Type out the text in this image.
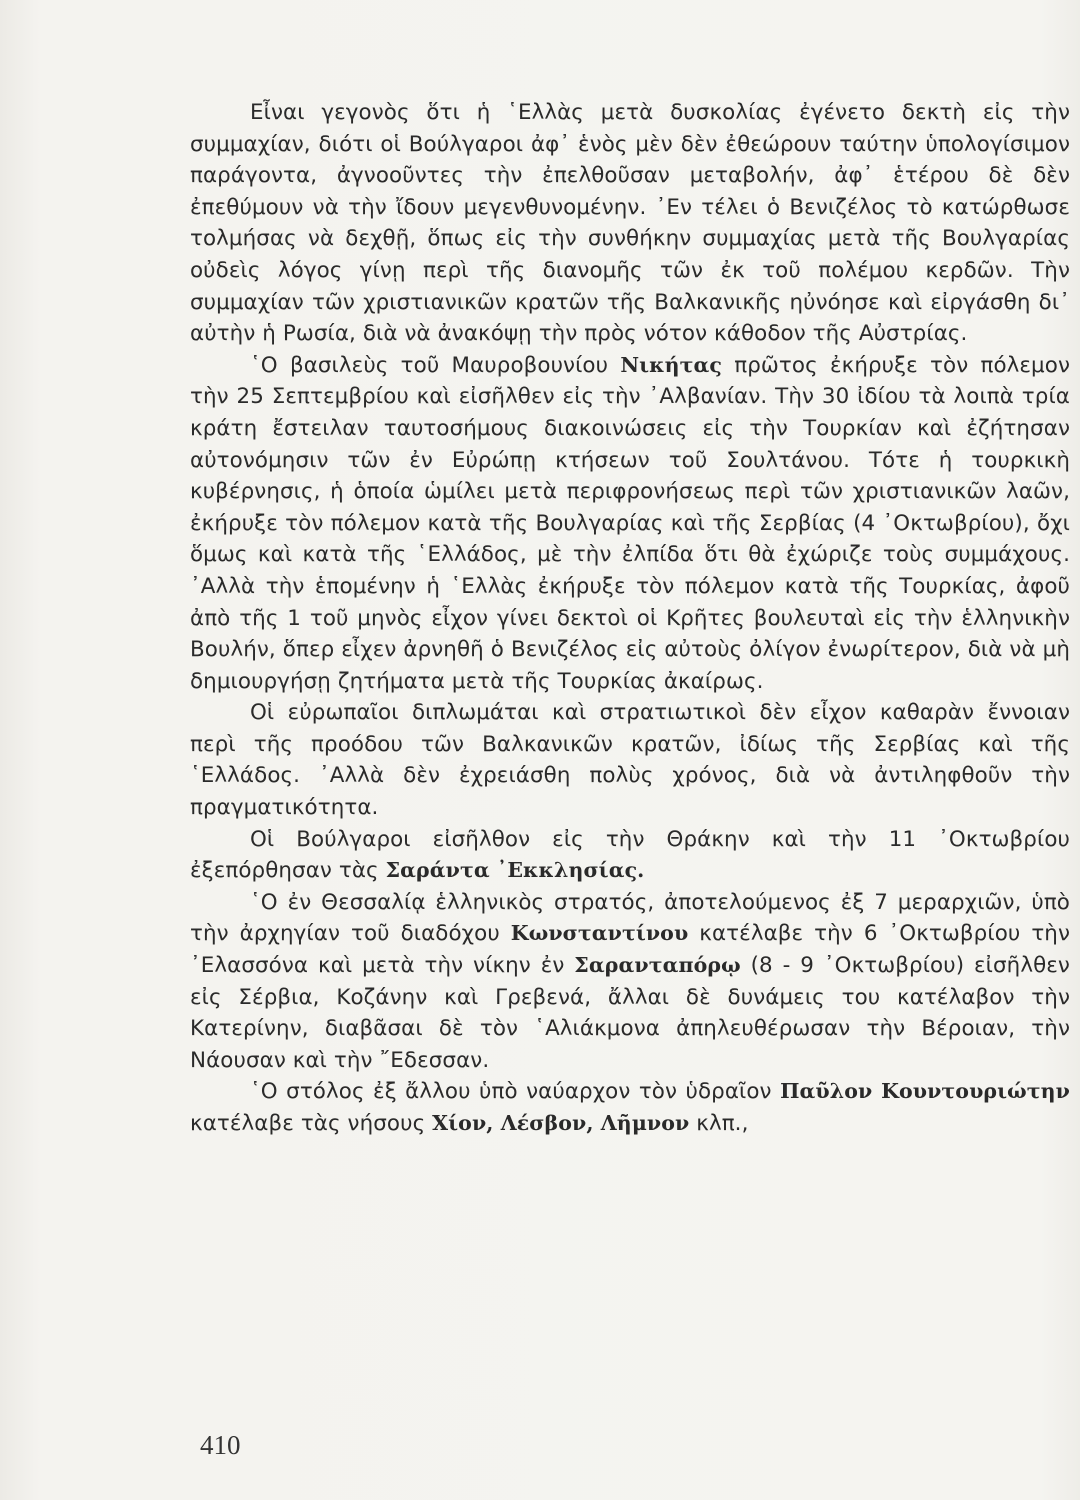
Εἶναι γεγονὸς ὅτι ἡ ῾Ελλὰς μετὰ δυσκολίας ἐγένετο δεκτὴ εἰς τὴν συμμαχίαν, διότι οἱ Βούλγαροι ἀφ᾽ ἑνὸς μὲν δὲν ἐθεώρουν ταύτην ὑπολογίσιμον παράγοντα, ἀγνοοῦντες τὴν ἐπελθοῦσαν μεταβολήν, ἀφ᾽ ἑτέρου δὲ δὲν ἐπεθύμουν νὰ τὴν ἴδουν μεγενθυνομένην. ᾽Εν τέλει ὁ Βενιζέλος τὸ κατώρθωσε τολμήσας νὰ δεχθῇ, ὅπως εἰς τὴν συνθήκην συμμαχίας μετὰ τῆς Βουλγαρίας οὐδεὶς λόγος γίνῃ περὶ τῆς διανομῆς τῶν ἐκ τοῦ πολέμου κερδῶν. Τὴν συμμαχίαν τῶν χριστιανικῶν κρατῶν τῆς Βαλκανικῆς ηὐνόησε καὶ εἰργάσθη δι᾽ αὐτὴν ἡ Ρωσία, διὰ νὰ ἀνακόψῃ τὴν πρὸς νότον κάθοδον τῆς Αὐστρίας.

῾Ο βασιλεὺς τοῦ Μαυροβουνίου Νικήτας πρῶτος ἐκήρυξε τὸν πόλεμον τὴν 25 Σεπτεμβρίου καὶ εἰσῆλθεν εἰς τὴν ᾽Αλβανίαν. Τὴν 30 ἰδίου τὰ λοιπὰ τρία κράτη ἔστειλαν ταυτοσήμους διακοινώσεις εἰς τὴν Τουρκίαν καὶ ἐζήτησαν αὐτονόμησιν τῶν ἐν Εὐρώπῃ κτήσεων τοῦ Σουλτάνου. Τότε ἡ τουρκικὴ κυβέρνησις, ἡ ὁποία ὡμίλει μετὰ περιφρονήσεως περὶ τῶν χριστιανικῶν λαῶν, ἐκήρυξε τὸν πόλεμον κατὰ τῆς Βουλγαρίας καὶ τῆς Σερβίας (4 ᾽Οκτωβρίου), ὄχι ὅμως καὶ κατὰ τῆς ῾Ελλάδος, μὲ τὴν ἐλπίδα ὅτι θὰ ἐχώριζε τοὺς συμμάχους. ᾽Αλλὰ τὴν ἑπομένην ἡ ῾Ελλὰς ἐκήρυξε τὸν πόλεμον κατὰ τῆς Τουρκίας, ἀφοῦ ἀπὸ τῆς 1 τοῦ μηνὸς εἶχον γίνει δεκτοὶ οἱ Κρῆτες βουλευταὶ εἰς τὴν ἑλληνικὴν Βουλήν, ὅπερ εἶχεν ἀρνηθῆ ὁ Βενιζέλος εἰς αὐτοὺς ὀλίγον ἐνωρίτερον, διὰ νὰ μὴ δημιουργήσῃ ζητήματα μετὰ τῆς Τουρκίας ἀκαίρως.

Οἱ εὐρωπαῖοι διπλωμάται καὶ στρατιωτικοὶ δὲν εἶχον καθαρὰν ἔννοιαν περὶ τῆς προόδου τῶν Βαλκανικῶν κρατῶν, ἰδίως τῆς Σερβίας καὶ τῆς ῾Ελλάδος. ᾽Αλλὰ δὲν ἐχρειάσθη πολὺς χρόνος, διὰ νὰ ἀντιληφθοῦν τὴν πραγματικότητα.

Οἱ Βούλγαροι εἰσῆλθον εἰς τὴν Θράκην καὶ τὴν 11 ᾽Οκτωβρίου ἐξεπόρθησαν τὰς Σαράντα ᾽Εκκλησίας.

῾Ο ἐν Θεσσαλίᾳ ἑλληνικὸς στρατός, ἀποτελούμενος ἐξ 7 μεραρχιῶν, ὑπὸ τὴν ἀρχηγίαν τοῦ διαδόχου Κωνσταντίνου κατέλαβε τὴν 6 ᾽Οκτωβρίου τὴν ᾽Ελασσόνα καὶ μετὰ τὴν νίκην ἐν Σαρανταπόρῳ (8 - 9 ᾽Οκτωβρίου) εἰσῆλθεν εἰς Σέρβια, Κοζάνην καὶ Γρεβενά, ἄλλαι δὲ δυνάμεις του κατέλαβον τὴν Κατερίνην, διαβᾶσαι δὲ τὸν ῾Αλιάκμονα ἀπηλευθέρωσαν τὴν Βέροιαν, τὴν Νάουσαν καὶ τὴν ῎Εδεσσαν.

῾Ο στόλος ἐξ ἄλλου ὑπὸ ναύαρχον τὸν ὑδραῖον Παῦλον Κουντουριώτην κατέλαβε τὰς νήσους Χίον, Λέσβον, Λῆμνον κλπ.,

410
